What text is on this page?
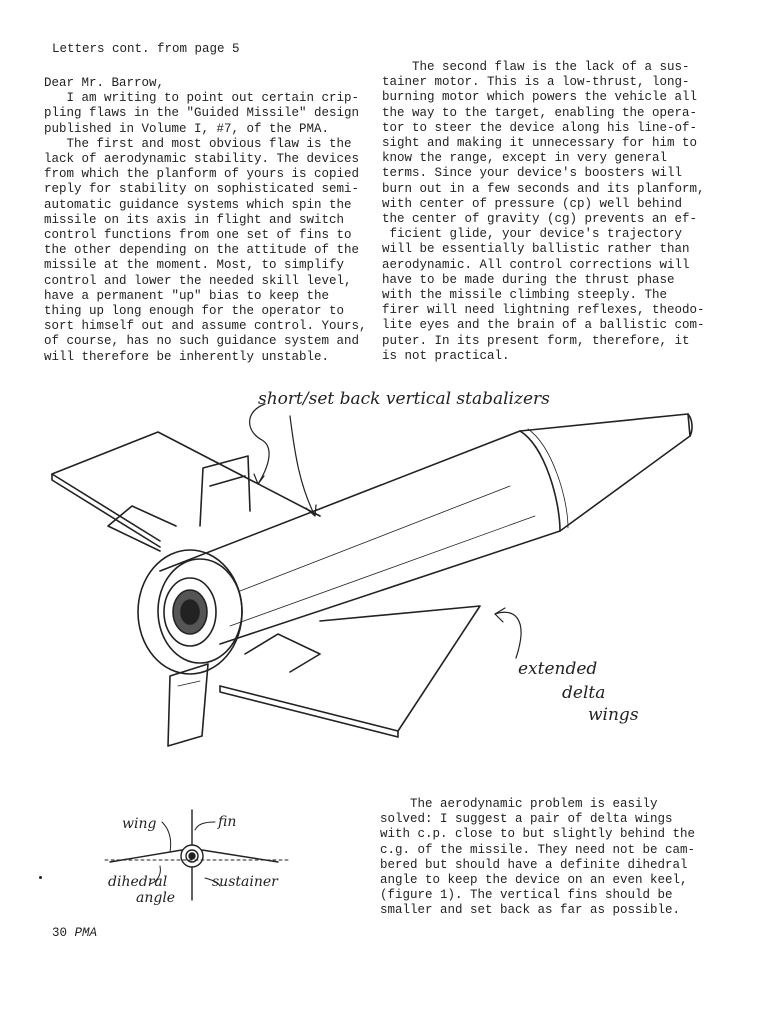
Letters cont. from page 5
Dear Mr. Barrow,
I am writing to point out certain crip-
pling flaws in the "Guided Missile" design
published in Volume I, #7, of the PMA.
The first and most obvious flaw is the
lack of aerodynamic stability. The devices
from which the planform of yours is copied
reply for stability on sophisticated semi-
automatic guidance systems which spin the
missile on its axis in flight and switch
control functions from one set of fins to
the other depending on the attitude of the
missile at the moment. Most, to simplify
control and lower the needed skill level,
have a permanent "up" bias to keep the
thing up long enough for the operator to
sort himself out and assume control. Yours,
of course, has no such guidance system and
will therefore be inherently unstable.
The second flaw is the lack of a sus-
tainer motor. This is a low-thrust, long-
burning motor which powers the vehicle all
the way to the target, enabling the opera-
tor to steer the device along his line-of-
sight and making it unnecessary for him to
know the range, except in very general
terms. Since your device's boosters will
burn out in a few seconds and its planform,
with center of pressure (cp) well behind
the center of gravity (cg) prevents an ef-
ficient glide, your device's trajectory
will be essentially ballistic rather than
aerodynamic. All control corrections will
have to be made during the thrust phase
with the missile climbing steeply. The
firer will need lightning reflexes, theodo-
lite eyes and the brain of a ballistic com-
puter. In its present form, therefore, it
is not practical.
short/set back vertical stabalizers
extended
delta
wings
wing	fin
dihedral
angle
sustainer
The aerodynamic problem is easily
solved: I suggest a pair of delta wings
with c.p. close to but slightly behind the
c.g. of the missile. They need not be cam-
bered but should have a definite dihedral
angle to keep the device on an even keel,
(figure 1). The vertical fins should be
smaller and set back as far as possible.
30 PMA
